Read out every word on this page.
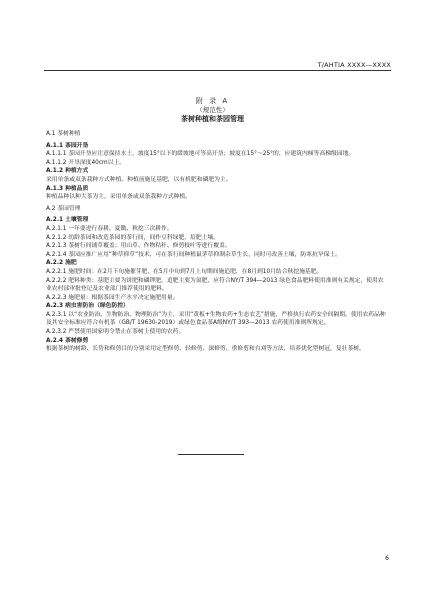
T/AHTIA XXXX—XXXX
附 录 A
（规范性）
茶树种植和茶园管理

A.1 茶树种植

A.1.1 茶园开垦

A.1.1.1 茶园开垦应注意保持水土，坡度15°以下的缓坡地可等高开垦；坡度在15°～25°的，应建筑内倾等高梯级园地。

A.1.1.2 开垦深度40cm以上。

A.1.2 种植方式

采用单条或双条栽种方式种植。种植前施足基肥，以有机肥和磷肥为主。

A.1.3 种植品质

种植品种以种大茶为主，采用单条或双条栽种方式种植。

A.2 茶园管理

A.2.1 土壤管理

A.2.1.1 一年要进行春耕、夏锄、秋挖三次耕作。

A.2.1.2 幼龄茶园和改造茶园的茶行间，间作豆科绿肥，培肥土壤。

A.2.1.3 茶树行间铺草覆盖；用山草、作物秸秆、修剪枝叶等进行覆盖。

A.2.1.4 茶园应推广应用“种草抑草”技术，可在茶行间种植鼠茅草抑制杂草生长，同时可改善土壤，防寒抗旱保土。

A.2.2 施肥

A.2.2.1 施肥时间：在2月下旬施催芽肥，在5月中旬到7月上旬期间施追肥，在8月到10月结合秋挖施基肥。

A.2.2.2 肥料种类：基肥主要为饼肥和磷钾肥，追肥主要为氮肥，应符合NY/T 394—2013 绿色食品肥料使用准则有关规定，使用农业农村部审批登记及农业部门推荐使用的肥料。

A.2.2.3 施肥量：根据茶园生产水平决定施肥用量。

A.2.3 病虫害防治（绿色防控）

A.2.3.1 以“农业防治、生物防治、物理防治”为主，采用“黄板+生物农药+生态农艺”措施，严格执行农药安全间隔期。使用农药品种及其安全标准应符合有机茶（GB/T 19630-2019）或绿色食品茶A级NY/T 393—2013 农药使用准则所规定。

A.2.3.2 严禁使用国家明令禁止在茶树上使用的农药。

A.2.4 茶树修剪

根据茶树的树龄、长势和修剪目的分别采用定型修剪、轻修剪、深修剪、重修剪和台刈等方法，培养优化型树冠，复壮茶树。

6
